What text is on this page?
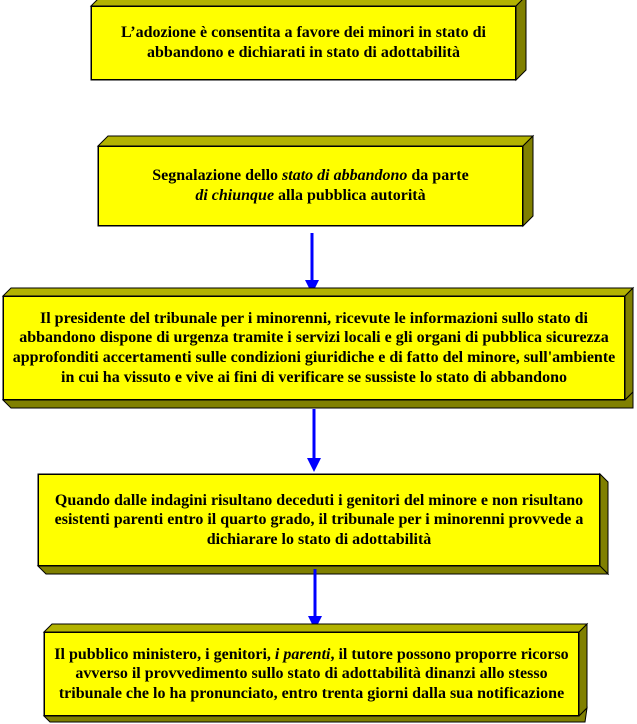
L’adozione è consentita a favore dei minori in stato di abbandono e dichiarati in stato di adottabilità

Segnalazione dello stato di abbandono da parte
di chiunque alla pubblica autorità

Il presidente del tribunale per i minorenni, ricevute le informazioni sullo stato di abbandono dispone di urgenza tramite i servizi locali e gli organi di pubblica sicurezza approfonditi accertamenti sulle condizioni giuridiche e di fatto del minore, sull'ambiente in cui ha vissuto e vive ai fini di verificare se sussiste lo stato di abbandono

Quando dalle indagini risultano deceduti i genitori del minore e non risultano esistenti parenti entro il quarto grado, il tribunale per i minorenni provvede a dichiarare lo stato di adottabilità

Il pubblico ministero, i genitori, i parenti, il tutore possono proporre ricorso avverso il provvedimento sullo stato di adottabilità dinanzi allo stesso tribunale che lo ha pronunciato, entro trenta giorni dalla sua notificazione
